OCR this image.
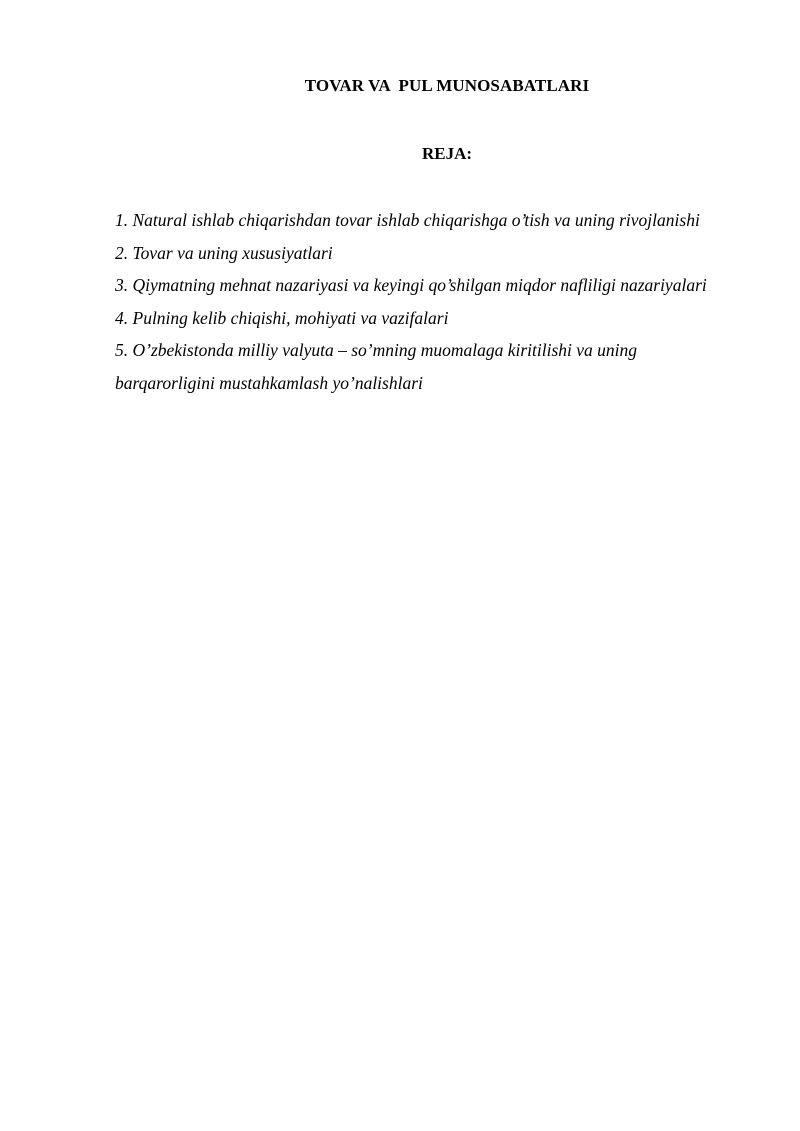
TOVAR VA  PUL MUNOSABATLARI
REJA:
1. Natural ishlab chiqarishdan tovar ishlab chiqarishga o’tish va uning rivojlanishi
2. Tovar va uning xususiyatlari
3. Qiymatning mehnat nazariyasi va keyingi qo’shilgan miqdor nafliligi nazariyalari
4. Pulning kelib chiqishi, mohiyati va vazifalari
5. O’zbekistonda milliy valyuta – so’mning muomalaga kiritilishi va uning barqarorligini mustahkamlash yo’nalishlari
